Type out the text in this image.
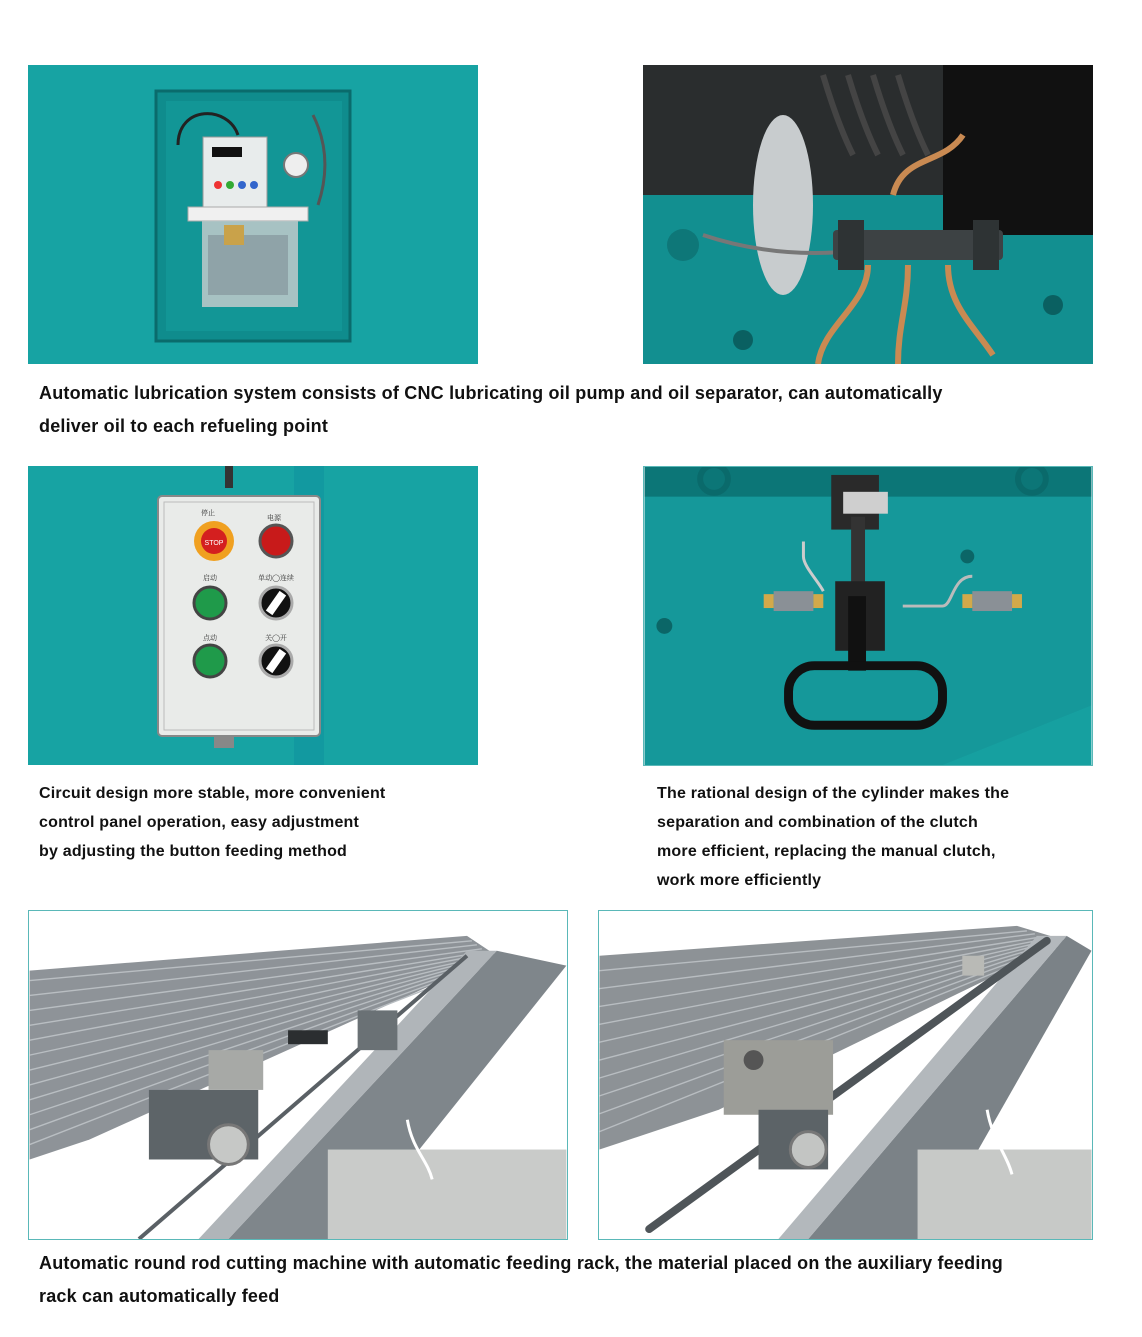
Automatic lubrication system consists of CNC lubricating oil pump and oil separator, can automatically
deliver oil to each refueling point
STOP
停止
电源
启动	单动◯连续
点动	关◯开
Circuit design more stable, more convenient
control panel operation, easy adjustment
by adjusting the button feeding method
The rational design of the cylinder makes the
separation and combination of the clutch
more efficient, replacing the manual clutch,
work more efficiently
Automatic round rod cutting machine with automatic feeding rack, the material placed on the auxiliary feeding
rack can automatically feed
